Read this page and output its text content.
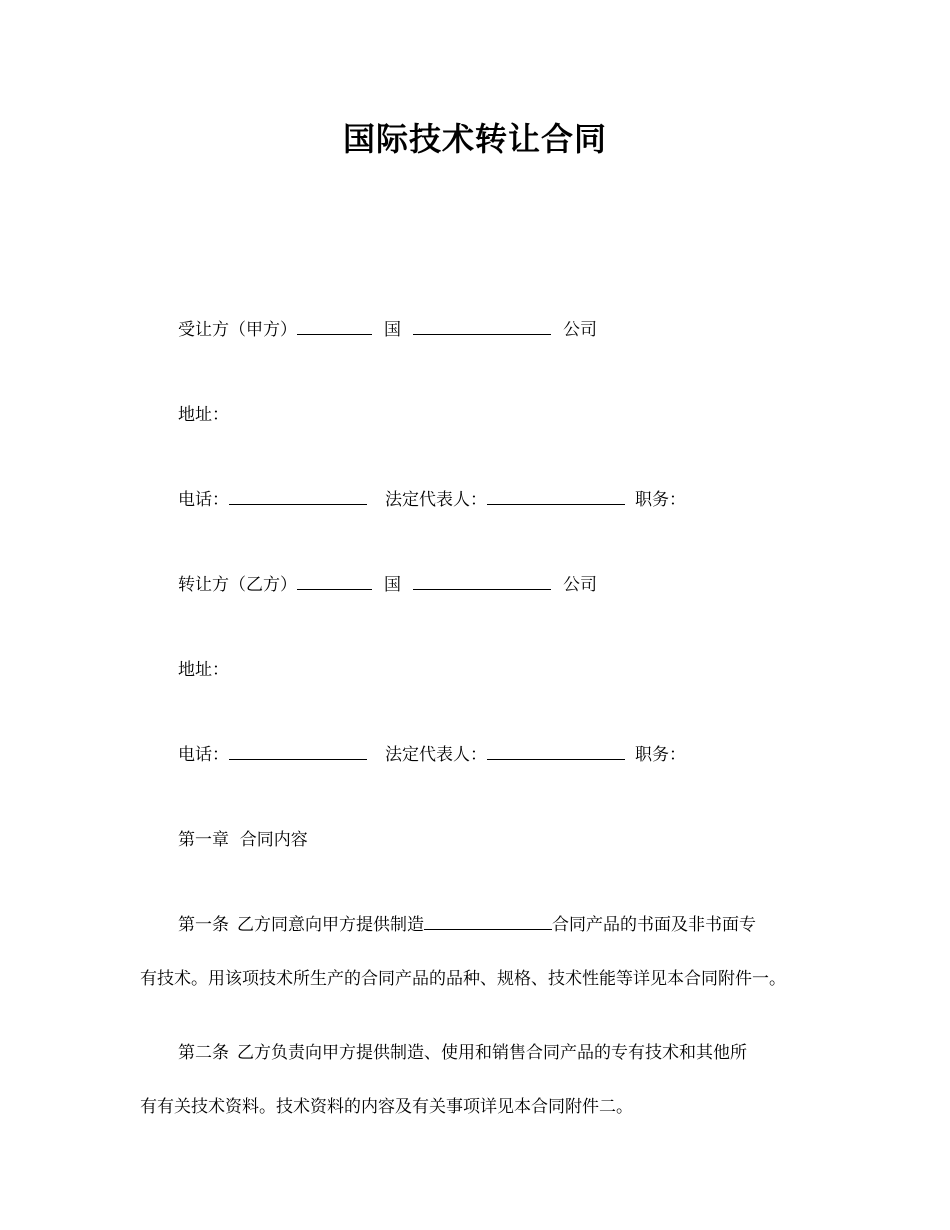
国际技术转让合同
受让方（甲方）	国	公司
地址：
电话：	法定代表人：	职务：
转让方（乙方）	国	公司
地址：
电话：	法定代表人：	职务：
第一章  合同内容
第一条 乙方同意向甲方提供制造	合同产品的书面及非书面专
有技术。用该项技术所生产的合同产品的品种、规格、技术性能等详见本合同附件一。
第二条 乙方负责向甲方提供制造、使用和销售合同产品的专有技术和其他所
有有关技术资料。技术资料的内容及有关事项详见本合同附件二。
